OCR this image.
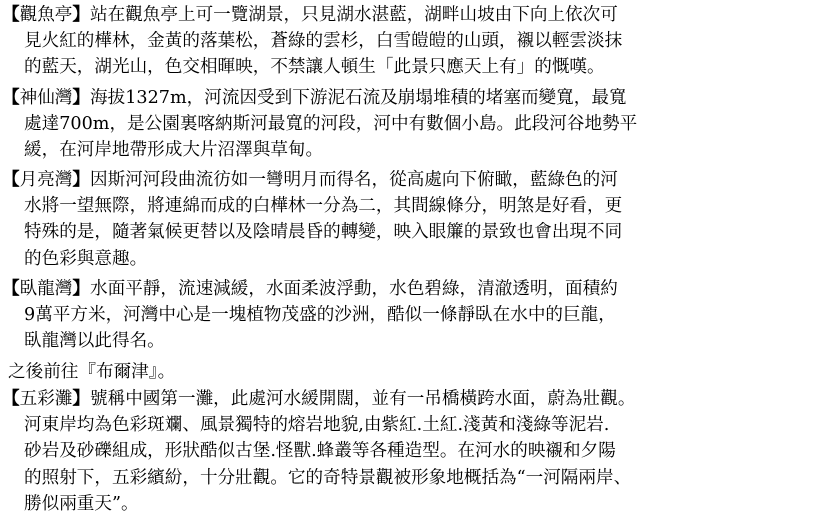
【觀魚亭】站在觀魚亭上可一覽湖景，只見湖水湛藍，湖畔山坡由下向上依次可
見火紅的樺林，金黃的落葉松，蒼綠的雲杉，白雪皚皚的山頭，襯以輕雲淡抹
的藍天，湖光山，色交相暉映，不禁讓人頓生「此景只應天上有」的慨嘆。
【神仙灣】海拔1327m，河流因受到下游泥石流及崩塌堆積的堵塞而變寬，最寬
處達700m，是公園裏喀納斯河最寬的河段，河中有數個小島。此段河谷地勢平
緩，在河岸地帶形成大片沼澤與草甸。
【月亮灣】因斯河河段曲流彷如一彎明月而得名，從高處向下俯瞰，藍綠色的河
水將一望無際，將連綿而成的白樺林一分為二，其間線條分，明煞是好看，更
特殊的是，隨著氣候更替以及陰晴晨昏的轉變，映入眼簾的景致也會出現不同
的色彩與意趣。
【臥龍灣】水面平靜，流速減緩，水面柔波浮動，水色碧綠，清澈透明，面積約
9萬平方米，河灣中心是一塊植物茂盛的沙洲，酷似一條靜臥在水中的巨龍，
臥龍灣以此得名。
之後前往『布爾津』。
【五彩灘】號稱中國第一灘，此處河水緩開闊，並有一吊橋橫跨水面，蔚為壯觀。
河東岸均為色彩斑斕、風景獨特的熔岩地貌,由紫紅.土紅.淺黃和淺綠等泥岩.
砂岩及砂礫組成，形狀酷似古堡.怪獸.蜂叢等各種造型。在河水的映襯和夕陽
的照射下，五彩繽紛，十分壯觀。它的奇特景觀被形象地概括為“一河隔兩岸、
勝似兩重天”。
